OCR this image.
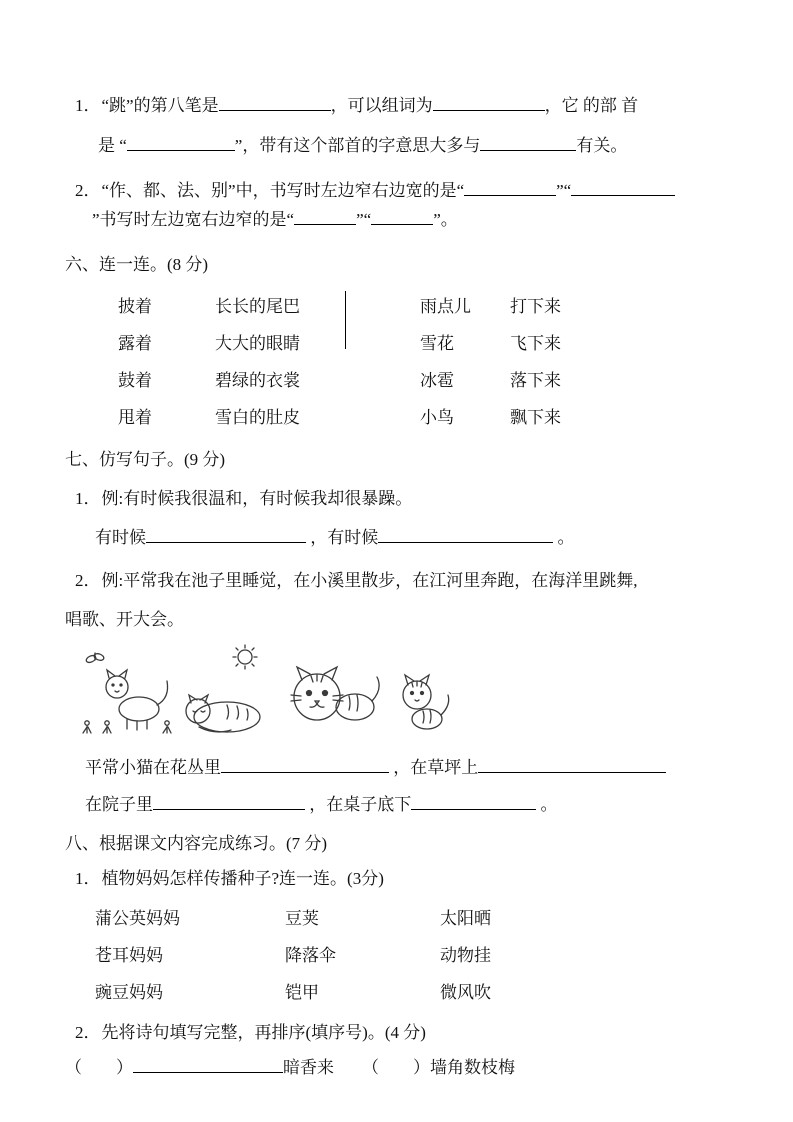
1．“跳”的第八笔是	，可以组词为	，它 的部 首
是 “	”，带有这个部首的字意思大多与	有关。
2．“作、都、法、别”中，书写时左边窄右边宽的是“	”“
”书写时左边宽右边窄的是“	”“	”。
六、连一连。(8 分)
披着	长长的尾巴
露着	大大的眼睛
鼓着	碧绿的衣裳
甩着	雪白的肚皮
雨点儿	打下来
雪花	飞下来
冰雹	落下来
小鸟	飘下来
七、仿写句子。(9 分)
1．例:有时候我很温和，有时候我却很暴躁。
有时候	，有时候	。
2．例:平常我在池子里睡觉，在小溪里散步，在江河里奔跑，在海洋里跳舞,
唱歌、开大会。
平常小猫在花丛里	，在草坪上
在院子里	，在桌子底下	。
八、根据课文内容完成练习。(7 分)
1．植物妈妈怎样传播种子?连一连。(3分)
蒲公英妈妈	豆荚	太阳晒
苍耳妈妈	降落伞	动物挂
豌豆妈妈	铠甲	微风吹
2．先将诗句填写完整，再排序(填序号)。(4 分)
（　　）	暗香来 （　　）墙角数枝梅
